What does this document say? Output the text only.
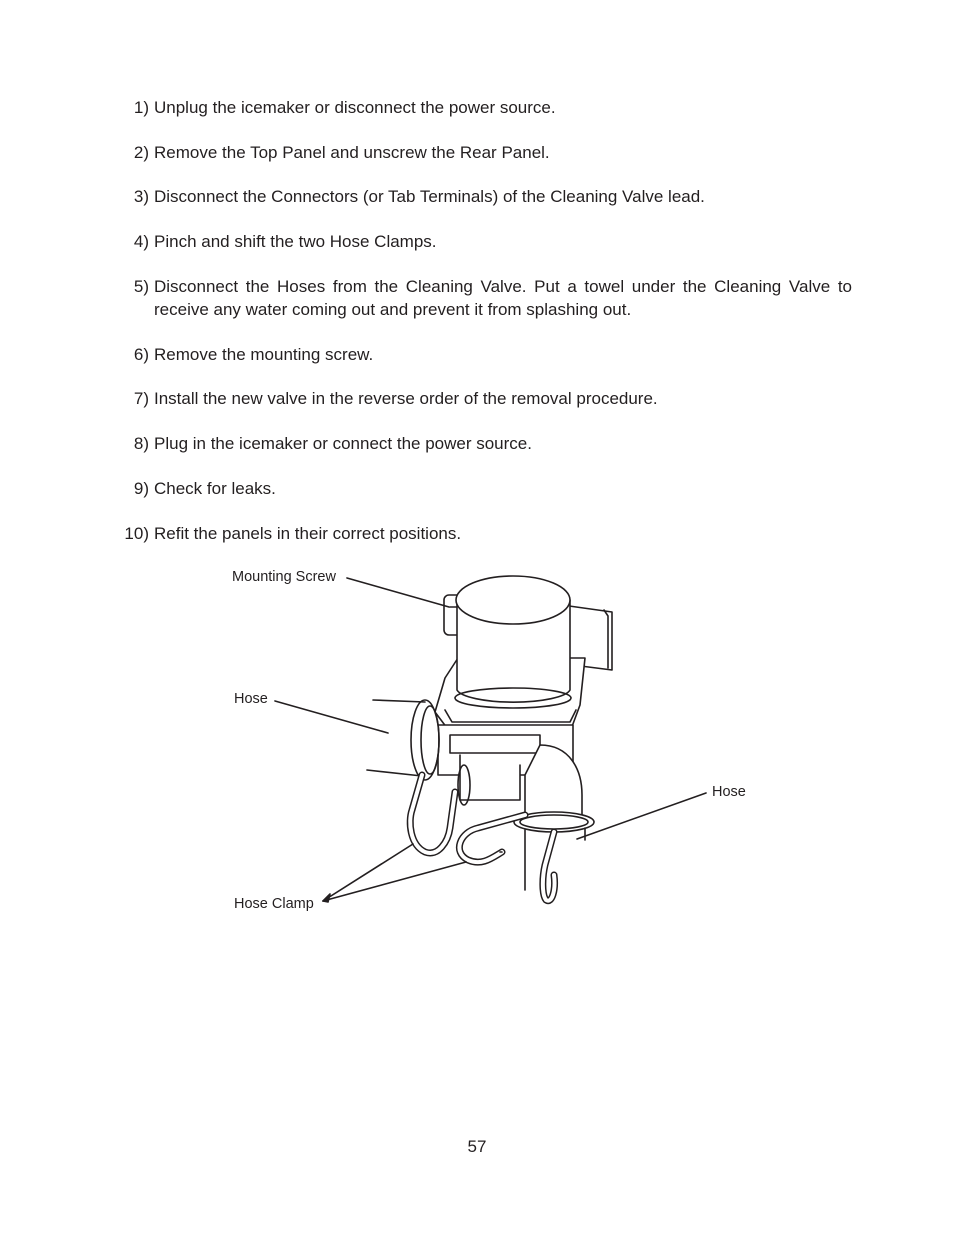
1) Unplug the icemaker or disconnect the power source.
2) Remove the Top Panel and unscrew the Rear Panel.
3) Disconnect the Connectors (or Tab Terminals) of the Cleaning Valve lead.
4) Pinch and shift the two Hose Clamps.
5) Disconnect the Hoses from the Cleaning Valve. Put a towel under the Cleaning Valve to receive any water coming out and prevent it from splashing out.
6) Remove the mounting screw.
7) Install the new valve in the reverse order of the removal procedure.
8) Plug in the icemaker or connect the power source.
9) Check for leaks.
10) Refit the panels in their correct positions.
Mounting Screw
Hose
Hose
Hose Clamp
57
